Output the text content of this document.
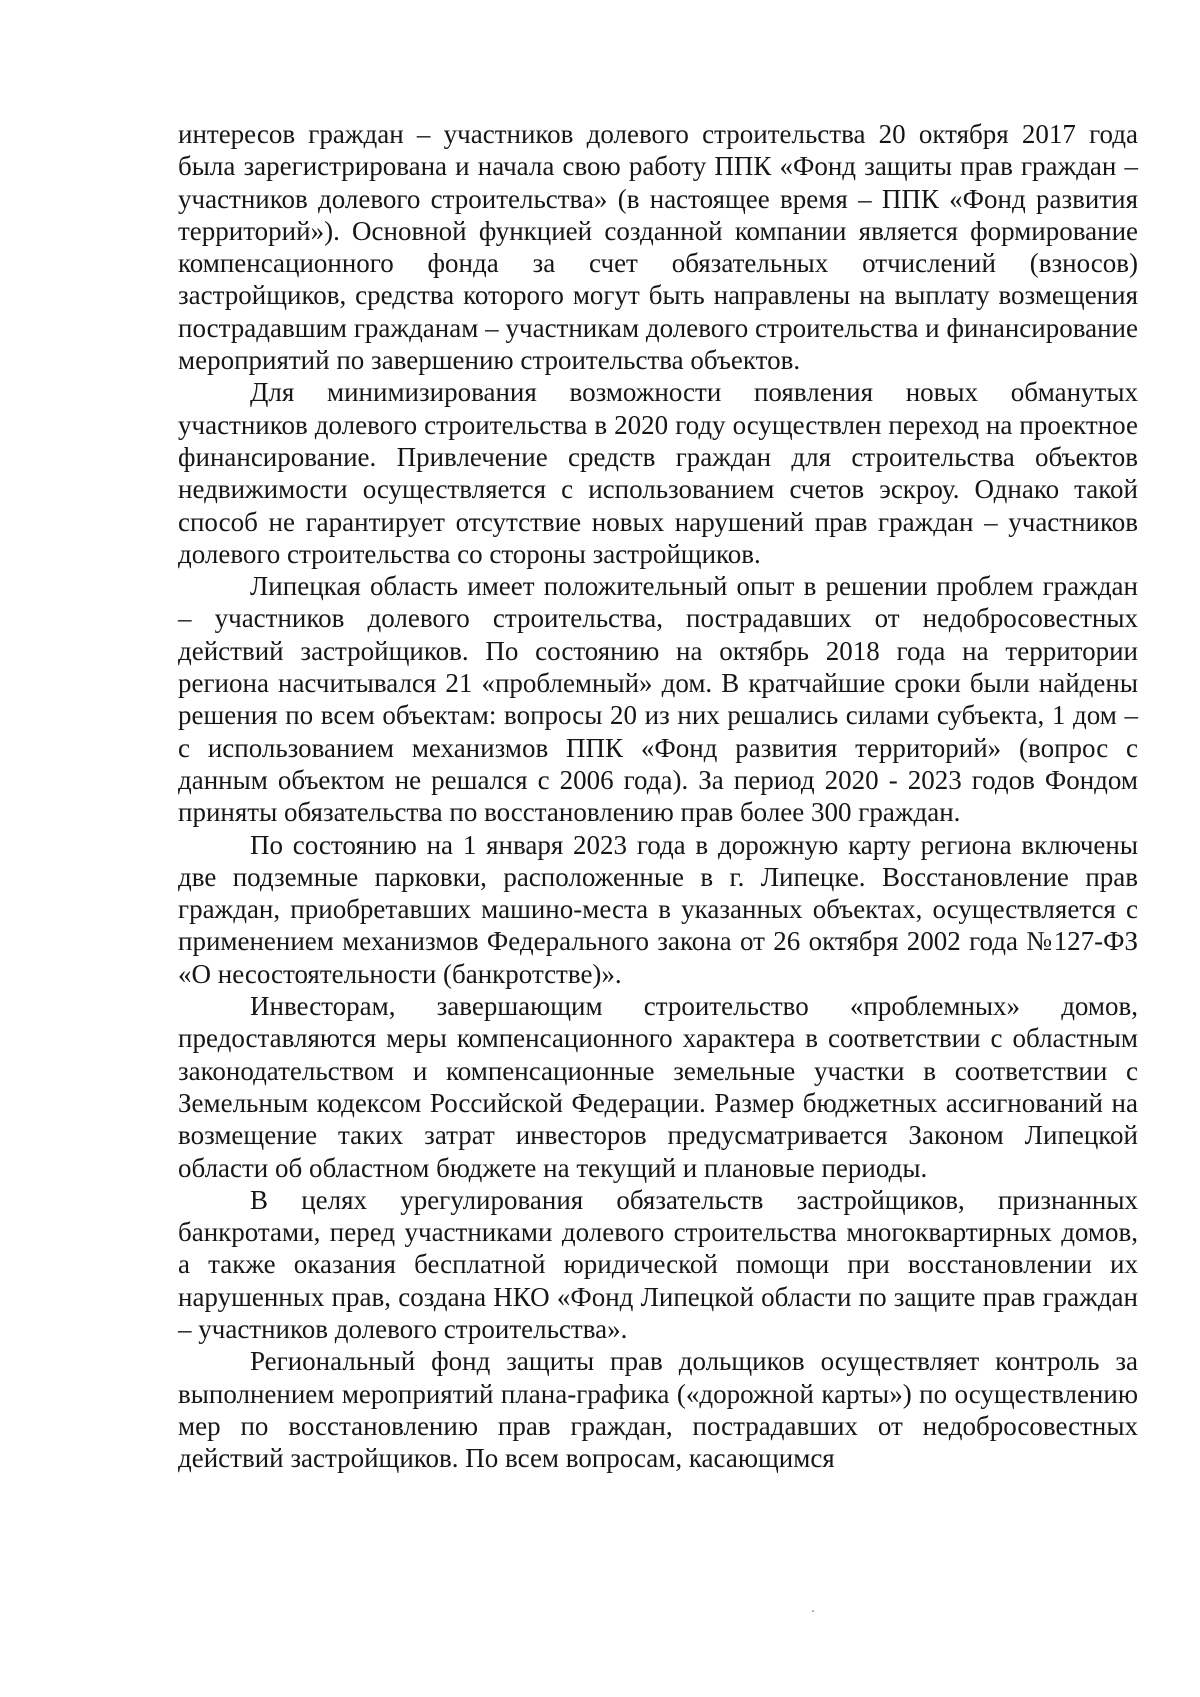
интересов граждан – участников долевого строительства 20 октября 2017 года была зарегистрирована и начала свою работу ППК «Фонд защиты прав граждан – участников долевого строительства» (в настоящее время – ППК «Фонд развития территорий»). Основной функцией созданной компании является формирование компенсационного фонда за счет обязательных отчислений (взносов) застройщиков, средства которого могут быть направлены на выплату возмещения пострадавшим гражданам – участникам долевого строительства и финансирование мероприятий по завершению строительства объектов.

Для минимизирования возможности появления новых обманутых участников долевого строительства в 2020 году осуществлен переход на проектное финансирование. Привлечение средств граждан для строительства объектов недвижимости осуществляется с использованием счетов эскроу. Однако такой способ не гарантирует отсутствие новых нарушений прав граждан – участников долевого строительства со стороны застройщиков.

Липецкая область имеет положительный опыт в решении проблем граждан – участников долевого строительства, пострадавших от недобросовестных действий застройщиков. По состоянию на октябрь 2018 года на территории региона насчитывался 21 «проблемный» дом. В кратчайшие сроки были найдены решения по всем объектам: вопросы 20 из них решались силами субъекта, 1 дом – с использованием механизмов ППК «Фонд развития территорий» (вопрос с данным объектом не решался с 2006 года). За период 2020 - 2023 годов Фондом приняты обязательства по восстановлению прав более 300 граждан.

По состоянию на 1 января 2023 года в дорожную карту региона включены две подземные парковки, расположенные в г. Липецке. Восстановление прав граждан, приобретавших машино-места в указанных объектах, осуществляется с применением механизмов Федерального закона от 26 октября 2002 года №127-ФЗ «О несостоятельности (банкротстве)».

Инвесторам, завершающим строительство «проблемных» домов, предоставляются меры компенсационного характера в соответствии с областным законодательством и компенсационные земельные участки в соответствии с Земельным кодексом Российской Федерации. Размер бюджетных ассигнований на возмещение таких затрат инвесторов предусматривается Законом Липецкой области об областном бюджете на текущий и плановые периоды.

В целях урегулирования обязательств застройщиков, признанных банкротами, перед участниками долевого строительства многоквартирных домов, а также оказания бесплатной юридической помощи при восстановлении их нарушенных прав, создана НКО «Фонд Липецкой области по защите прав граждан – участников долевого строительства».

Региональный фонд защиты прав дольщиков осуществляет контроль за выполнением мероприятий плана-графика («дорожной карты») по осуществлению мер по восстановлению прав граждан, пострадавших от недобросовестных действий застройщиков. По всем вопросам, касающимся
